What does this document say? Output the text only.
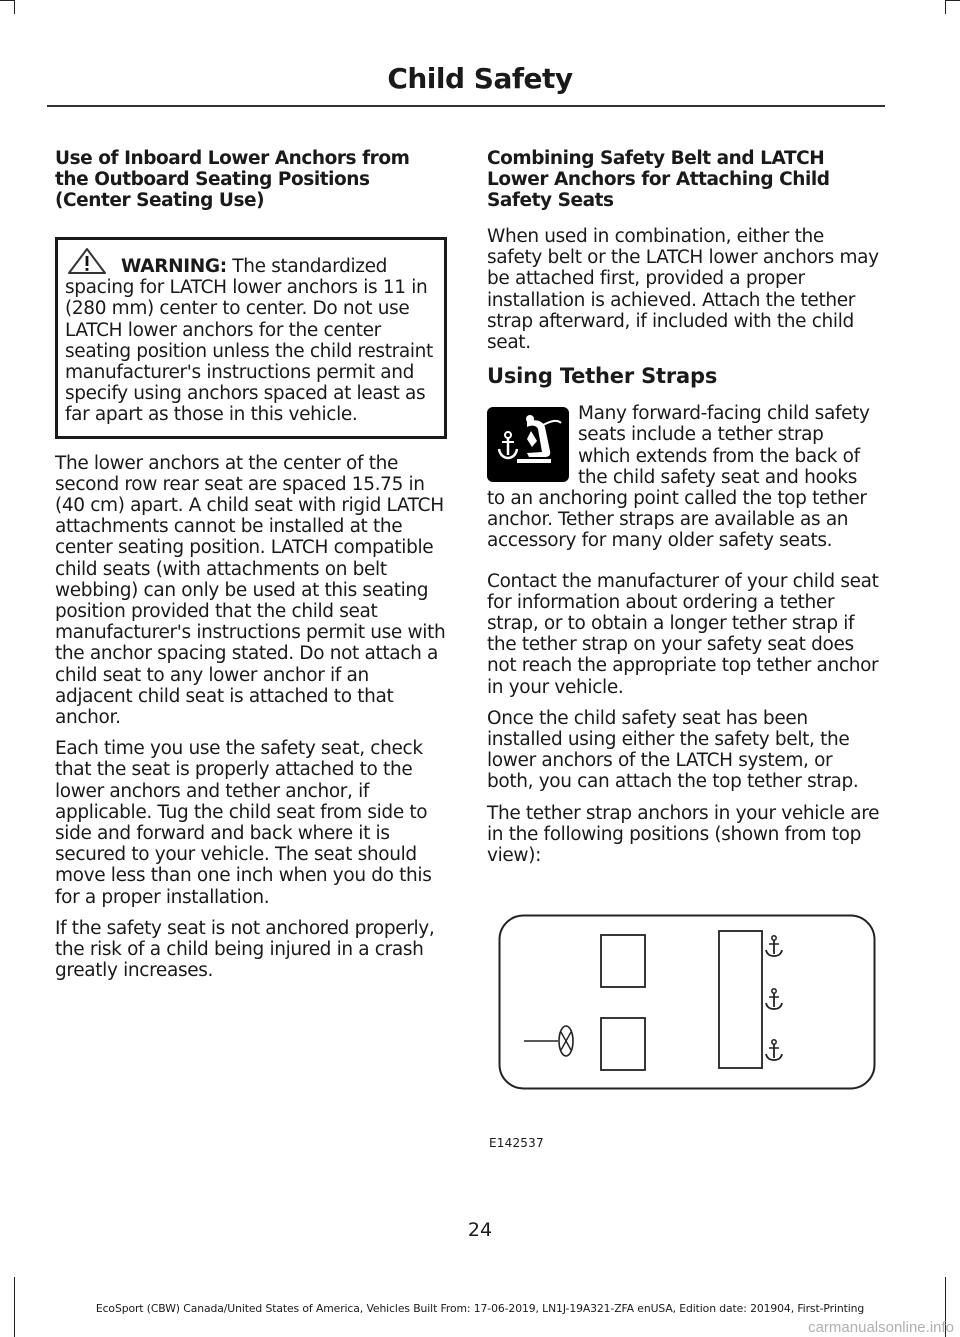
Child Safety
Use of Inboard Lower Anchors from the Outboard Seating Positions (Center Seating Use)

WARNING: The standardized spacing for LATCH lower anchors is 11 in (280 mm) center to center. Do not use LATCH lower anchors for the center seating position unless the child restraint manufacturer's instructions permit and specify using anchors spaced at least as far apart as those in this vehicle.

The lower anchors at the center of the second row rear seat are spaced 15.75 in (40 cm) apart. A child seat with rigid LATCH attachments cannot be installed at the center seating position. LATCH compatible child seats (with attachments on belt webbing) can only be used at this seating position provided that the child seat manufacturer's instructions permit use with the anchor spacing stated. Do not attach a child seat to any lower anchor if an adjacent child seat is attached to that anchor.

Each time you use the safety seat, check that the seat is properly attached to the lower anchors and tether anchor, if applicable. Tug the child seat from side to side and forward and back where it is secured to your vehicle. The seat should move less than one inch when you do this for a proper installation.

If the safety seat is not anchored properly, the risk of a child being injured in a crash greatly increases.

Combining Safety Belt and LATCH Lower Anchors for Attaching Child Safety Seats

When used in combination, either the safety belt or the LATCH lower anchors may be attached first, provided a proper installation is achieved. Attach the tether strap afterward, if included with the child seat.

Using Tether Straps

Many forward-facing child safety seats include a tether strap which extends from the back of the child safety seat and hooks to an anchoring point called the top tether anchor. Tether straps are available as an accessory for many older safety seats.

Contact the manufacturer of your child seat for information about ordering a tether strap, or to obtain a longer tether strap if the tether strap on your safety seat does not reach the appropriate top tether anchor in your vehicle.

Once the child safety seat has been installed using either the safety belt, the lower anchors of the LATCH system, or both, you can attach the top tether strap.

The tether strap anchors in your vehicle are in the following positions (shown from top view):

E142537
24
EcoSport (CBW) Canada/United States of America, Vehicles Built From: 17-06-2019, LN1J-19A321-ZFA enUSA, Edition date: 201904, First-Printing
carmanualsonline.info
